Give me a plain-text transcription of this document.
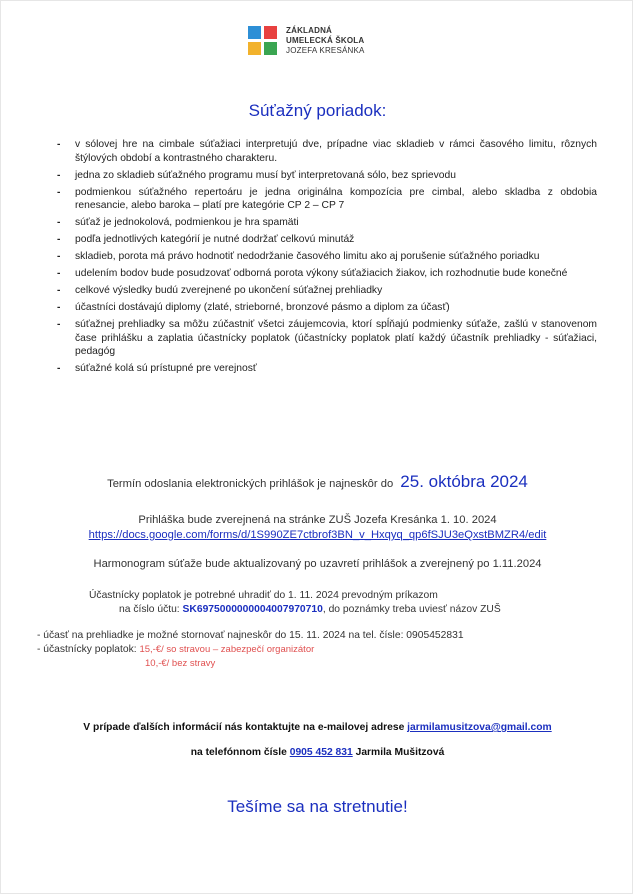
ZÁKLADNÁ
UMELECKÁ ŠKOLA
JOZEFA KRESÁNKA
Súťažný poriadok:
- v sólovej hre na cimbale súťažiaci interpretujú dve, prípadne viac skladieb v rámci časového limitu, rôznych štýlových období a kontrastného charakteru.
- jedna zo skladieb súťažného programu musí byť interpretovaná sólo, bez sprievodu
- podmienkou súťažného repertoáru je jedna originálna kompozícia pre cimbal, alebo skladba z obdobia renesancie, alebo baroka – platí pre kategórie CP 2 – CP 7
- súťaž je jednokolová, podmienkou je hra spamäti
- podľa jednotlivých kategórií je nutné dodržať celkovú minutáž
- skladieb, porota má právo hodnotiť nedodržanie časového limitu ako aj porušenie súťažného poriadku
- udelením bodov bude posudzovať odborná porota výkony súťažiacich žiakov, ich rozhodnutie bude konečné
- celkové výsledky budú zverejnené po ukončení súťažnej prehliadky
- účastníci dostávajú diplomy (zlaté, strieborné, bronzové pásmo a diplom za účasť)
- súťažnej prehliadky sa môžu zúčastniť všetci záujemcovia, ktorí spĺňajú podmienky súťaže, zašlú v stanovenom čase prihlášku a zaplatia účastnícky poplatok (účastnícky poplatok platí každý účastník prehliadky - súťažiaci, pedagóg
- súťažné kolá sú prístupné pre verejnosť
Termín odoslania elektronických prihlášok je najneskôr do 25. októbra 2024
Prihláška bude zverejnená na stránke ZUŠ Jozefa Kresánka 1. 10. 2024
https://docs.google.com/forms/d/1S990ZE7ctbrof3BN_v_Hxqyq_qp6fSJU3eQxstBMZR4/edit
Harmonogram súťaže bude aktualizovaný po uzavretí prihlášok a zverejnený po 1.11.2024
Účastnícky poplatok je potrebné uhradiť do 1. 11. 2024 prevodným príkazom
na číslo účtu: SK6975000000004007970710, do poznámky treba uviesť názov ZUŠ
- účasť na prehliadke je možné stornovať najneskôr do 15. 11. 2024 na tel. čísle: 0905452831
- účastnícky poplatok: 15,-€/ so stravou – zabezpečí organizátor
10,-€/ bez stravy
V prípade ďalších informácií nás kontaktujte na e-mailovej adrese jarmilamusitzova@gmail.com
na telefónnom čísle 0905 452 831 Jarmila Mušitzová
Tešíme sa na stretnutie!
